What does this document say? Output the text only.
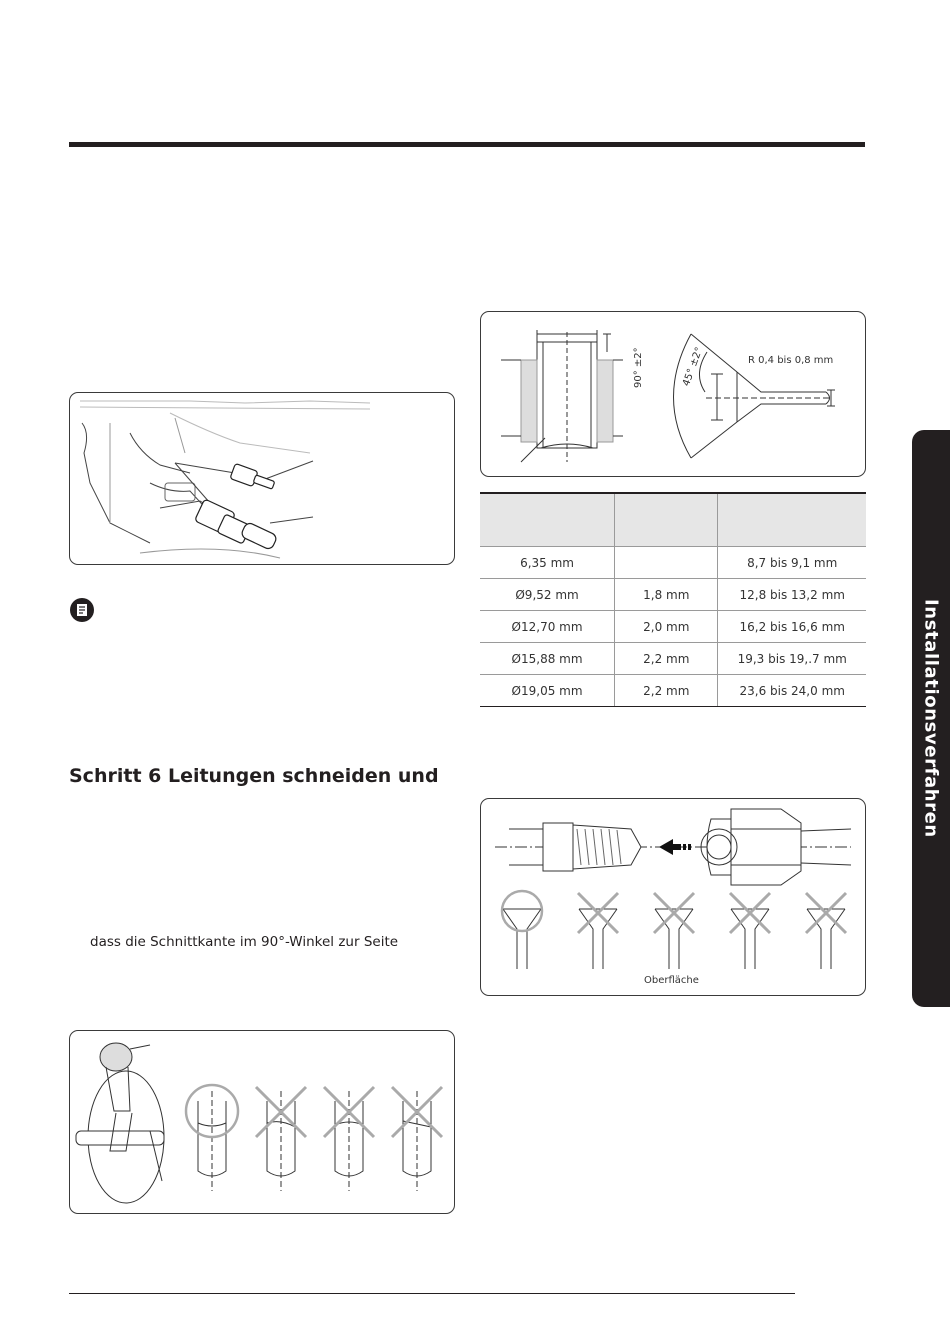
R 0,4 bis 0,8 mm
90° ±2°	45° ±2°

6,35 mm		8,7 bis 9,1 mm
Ø9,52 mm	1,8 mm	12,8 bis 13,2 mm
Ø12,70 mm	2,0 mm	16,2 bis 16,6 mm
Ø15,88 mm	2,2 mm	19,3 bis 19,.7 mm
Ø19,05 mm	2,2 mm	23,6 bis 24,0 mm
Schritt 6 Leitungen schneiden und
dass die Schnittkante im 90°-Winkel zur Seite
Oberfläche
Installationsverfahren
